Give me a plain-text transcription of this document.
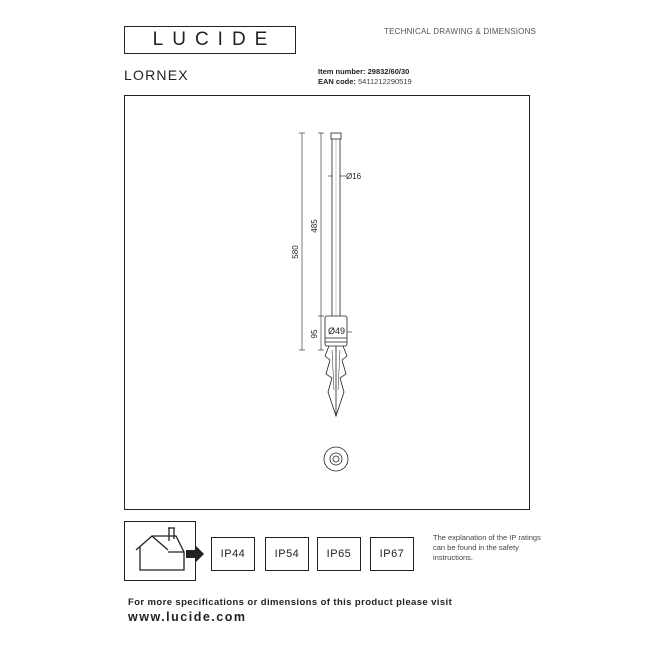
LUCIDE	TECHNICAL DRAWING & DIMENSIONS
LORNEX	Item number: 29832/60/30
EAN code: 5411212290519
580
485
95
Ø16
Ø49
IP44	IP54	IP65	IP67
The explanation of the IP ratings can be found in the safety instructions.
For more specifications or dimensions of this product please visit
www.lucide.com
